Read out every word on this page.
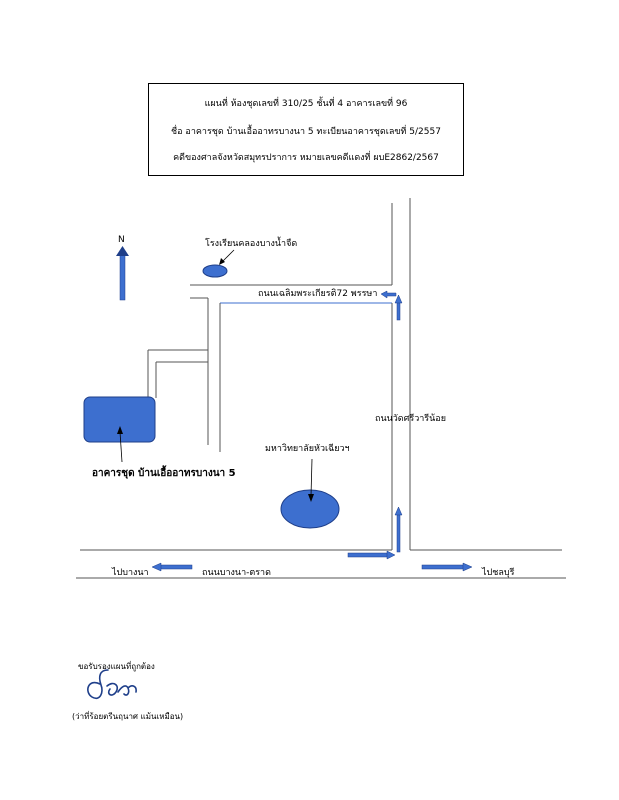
แผนที่ ห้องชุดเลขที่ 310/25 ชั้นที่ 4 อาคารเลขที่ 96
ชื่อ อาคารชุด บ้านเอื้ออาทรบางนา 5 ทะเบียนอาคารชุดเลขที่ 5/2557
คดีของศาลจังหวัดสมุทรปราการ หมายเลขคดีแดงที่ ผบE2862/2567
N	โรงเรียนคลองบางน้ำจืด
ถนนเฉลิมพระเกียรติ72 พรรษา
ถนนวัดศรีวารีน้อย
มหาวิทยาลัยหัวเฉียวฯ
อาคารชุด บ้านเอื้ออาทรบางนา 5
ไปบางนา	ถนนบางนา-ตราด	ไปชลบุรี
ขอรับรองแผนที่ถูกต้อง
(ว่าที่ร้อยตรีนฤนาศ แม้นเหมือน)
